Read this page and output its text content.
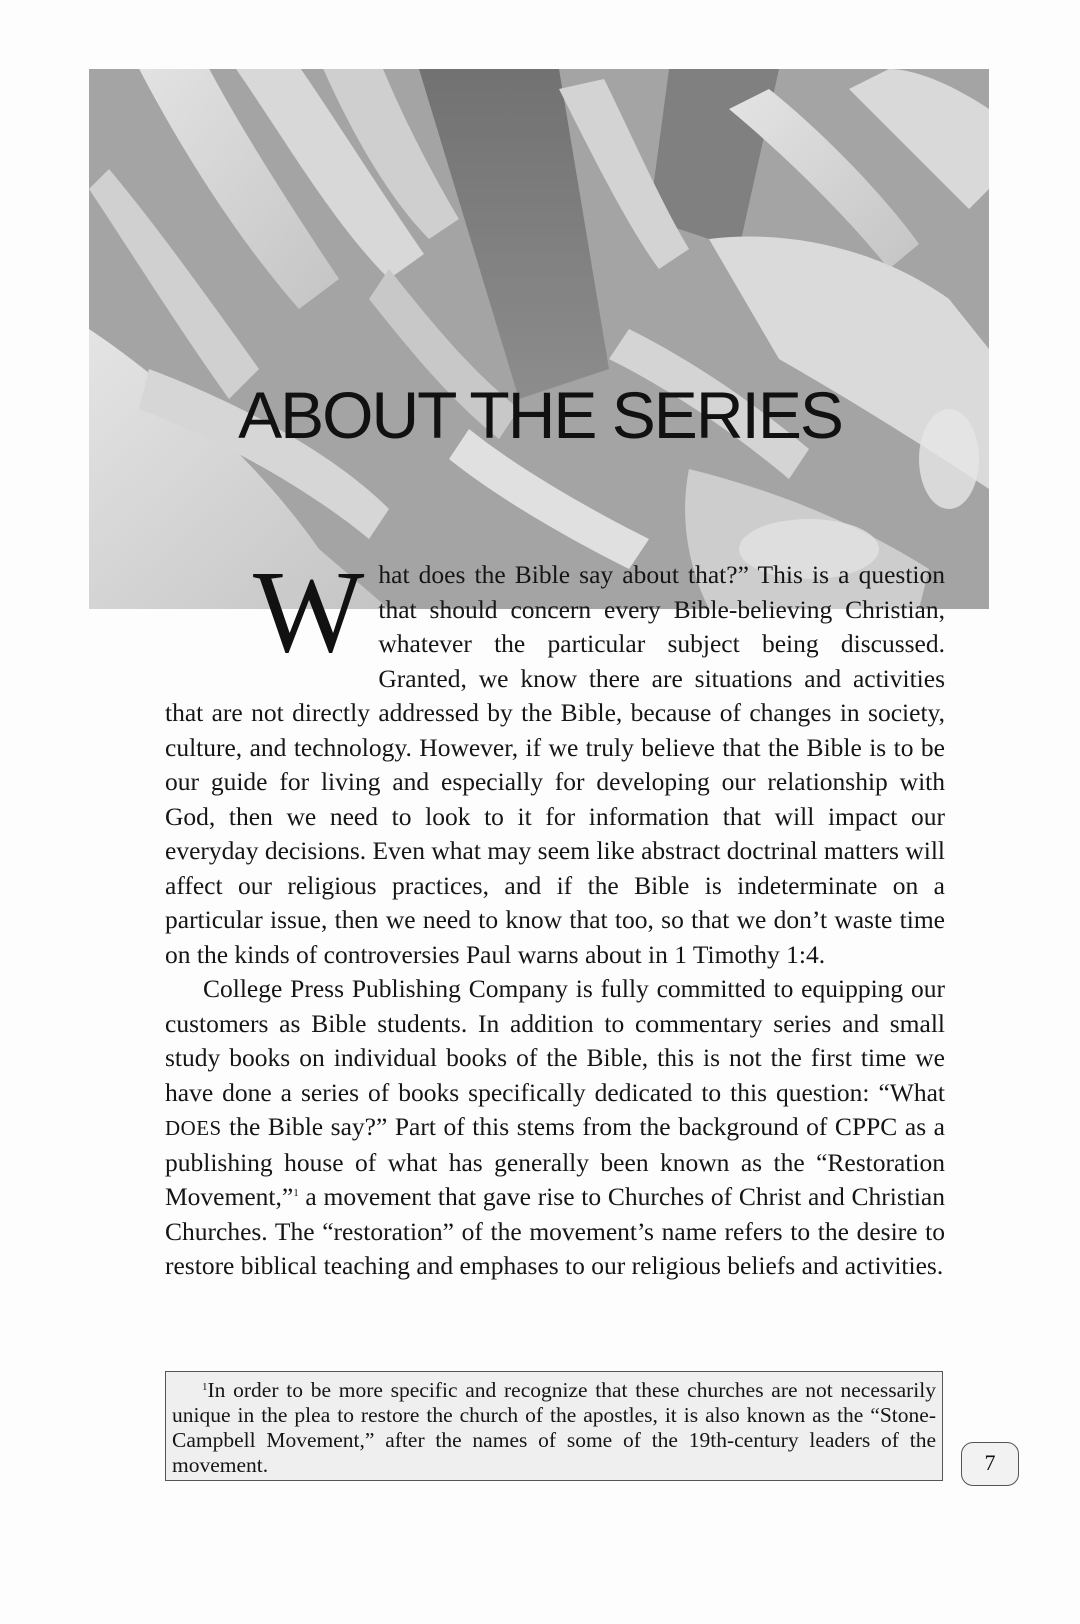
ABOUT THE SERIES

What does the Bible say about that?” This is a question that should concern every Bible-believing Christian, whatever the particular subject being discussed. Granted, we know there are situations and activities that are not directly addressed by the Bible, because of changes in society, culture, and technology. However, if we truly believe that the Bible is to be our guide for living and especially for developing our relationship with God, then we need to look to it for information that will impact our everyday decisions. Even what may seem like abstract doctrinal matters will affect our religious practices, and if the Bible is indeterminate on a particular issue, then we need to know that too, so that we don’t waste time on the kinds of controversies Paul warns about in 1 Timothy 1:4.

College Press Publishing Company is fully committed to equipping our customers as Bible students. In addition to commentary series and small study books on individual books of the Bible, this is not the first time we have done a series of books specifically dedicated to this question: “What DOES the Bible say?” Part of this stems from the background of CPPC as a publishing house of what has generally been known as the “Restoration Movement,”$^1$ a movement that gave rise to Churches of Christ and Christian Churches. The “restoration” of the movement’s name refers to the desire to restore biblical teaching and emphases to our religious beliefs and activities.

$^1$In order to be more specific and recognize that these churches are not necessarily unique in the plea to restore the church of the apostles, it is also known as the “Stone-Campbell Movement,” after the names of some of the 19th-century leaders of the movement.	7
